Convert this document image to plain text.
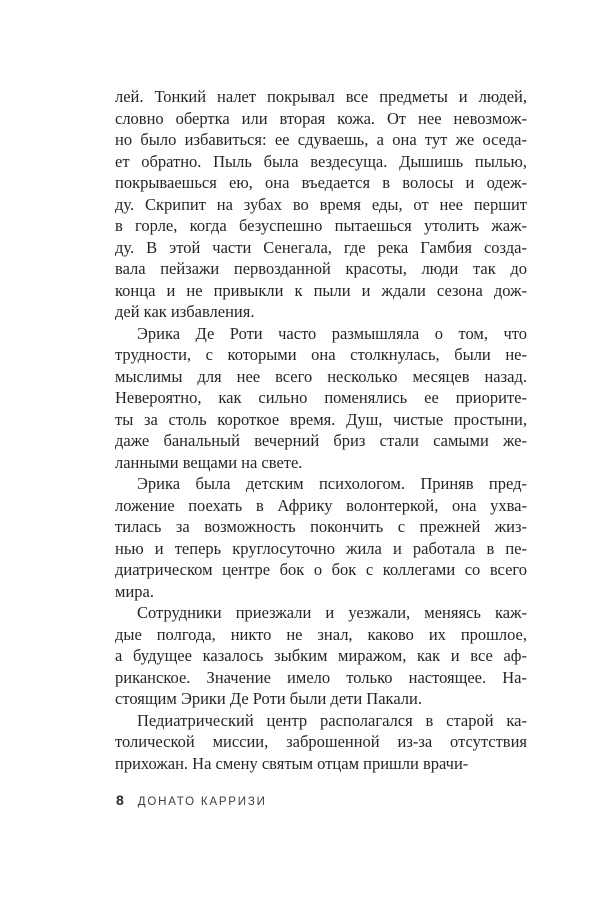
лей. Тонкий налет покрывал все предметы и людей,
словно обертка или вторая кожа. От нее невозмож-
но было избавиться: ее сдуваешь, а она тут же оседа-
ет обратно. Пыль была вездесуща. Дышишь пылью,
покрываешься ею, она въедается в волосы и одеж-
ду. Скрипит на зубах во время еды, от нее першит
в горле, когда безуспешно пытаешься утолить жаж-
ду. В этой части Сенегала, где река Гамбия созда-
вала пейзажи первозданной красоты, люди так до
конца и не привыкли к пыли и ждали сезона дож-
дей как избавления.
Эрика Де Роти часто размышляла о том, что
трудности, с которыми она столкнулась, были не-
мыслимы для нее всего несколько месяцев назад.
Невероятно, как сильно поменялись ее приорите-
ты за столь короткое время. Душ, чистые простыни,
даже банальный вечерний бриз стали самыми же-
ланными вещами на свете.
Эрика была детским психологом. Приняв пред-
ложение поехать в Африку волонтеркой, она ухва-
тилась за возможность покончить с прежней жиз-
нью и теперь круглосуточно жила и работала в пе-
диатрическом центре бок о бок с коллегами со всего
мира.
Сотрудники приезжали и уезжали, меняясь каж-
дые полгода, никто не знал, каково их прошлое,
а будущее казалось зыбким миражом, как и все аф-
риканское. Значение имело только настоящее. На-
стоящим Эрики Де Роти были дети Пакали.
Педиатрический центр располагался в старой ка-
толической миссии, заброшенной из-за отсутствия
прихожан. На смену святым отцам пришли врачи-
8 ДОНАТО КАРРИЗИ
